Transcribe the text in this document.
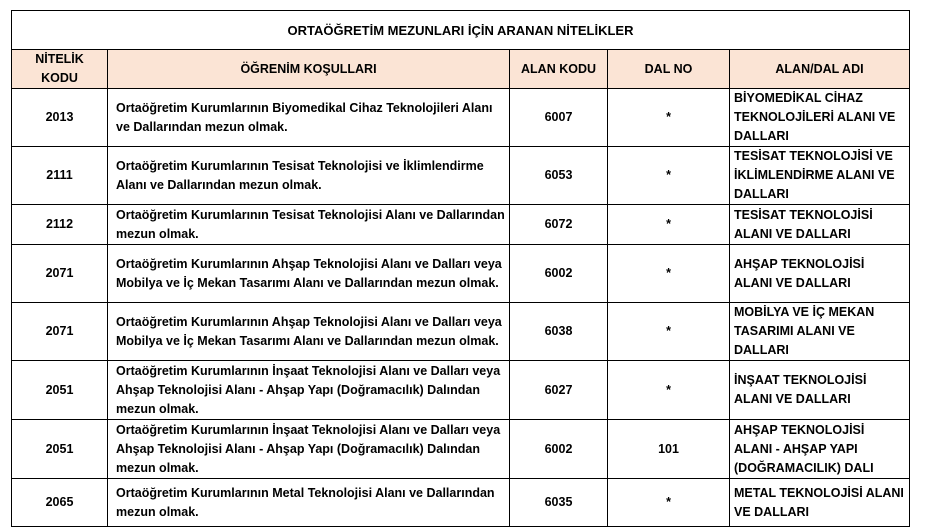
ORTAÖĞRETİM MEZUNLARI İÇİN ARANAN NİTELİKLER				
NİTELİK KODU	ÖĞRENİM KOŞULLARI	ALAN KODU	DAL NO	ALAN/DAL ADI
2013	Ortaöğretim Kurumlarının Biyomedikal Cihaz Teknolojileri Alanı ve Dallarından mezun olmak.	6007	*	BİYOMEDİKAL CİHAZ TEKNOLOJİLERİ ALANI VE DALLARI
2111	Ortaöğretim Kurumlarının Tesisat Teknolojisi ve İklimlendirme Alanı ve Dallarından mezun olmak.	6053	*	TESİSAT TEKNOLOJİSİ VE İKLİMLENDİRME ALANI VE DALLARI
2112	Ortaöğretim Kurumlarının Tesisat Teknolojisi Alanı ve Dallarından mezun olmak.	6072	*	TESİSAT TEKNOLOJİSİ ALANI VE DALLARI
2071	Ortaöğretim Kurumlarının Ahşap Teknolojisi Alanı ve Dalları veya Mobilya ve İç Mekan Tasarımı Alanı ve Dallarından mezun olmak.	6002	*	AHŞAP TEKNOLOJİSİ ALANI VE DALLARI
2071	Ortaöğretim Kurumlarının Ahşap Teknolojisi Alanı ve Dalları veya Mobilya ve İç Mekan Tasarımı Alanı ve Dallarından mezun olmak.	6038	*	MOBİLYA VE İÇ MEKAN TASARIMI ALANI VE DALLARI
2051	Ortaöğretim Kurumlarının İnşaat Teknolojisi Alanı ve Dalları veya Ahşap Teknolojisi Alanı - Ahşap Yapı (Doğramacılık) Dalından mezun olmak.	6027	*	İNŞAAT TEKNOLOJİSİ ALANI VE DALLARI
2051	Ortaöğretim Kurumlarının İnşaat Teknolojisi Alanı ve Dalları veya Ahşap Teknolojisi Alanı - Ahşap Yapı (Doğramacılık) Dalından mezun olmak.	6002	101	AHŞAP TEKNOLOJİSİ ALANI - AHŞAP YAPI (DOĞRAMACILIK) DALI
2065	Ortaöğretim Kurumlarının Metal Teknolojisi Alanı ve Dallarından mezun olmak.	6035	*	METAL TEKNOLOJİSİ ALANI VE DALLARI
